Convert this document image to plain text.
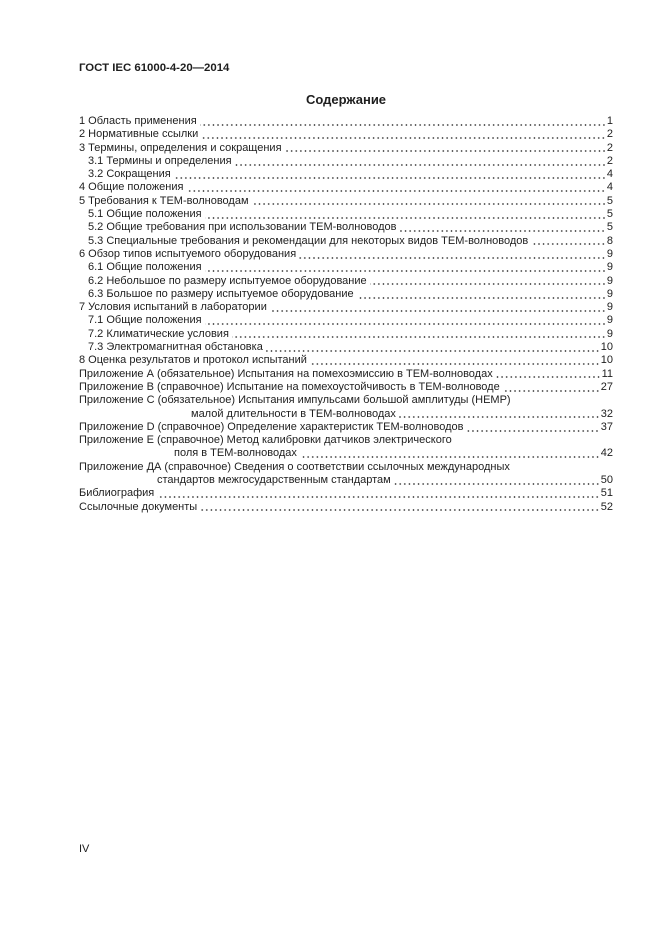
ГОСТ IEC 61000-4-20—2014
Содержание
1 Область применения	1
2 Нормативные ссылки	2
3 Термины, определения и сокращения	2
3.1 Термины и определения	2
3.2 Сокращения	4
4 Общие положения	4
5 Требования к ТЕМ-волноводам	5
5.1 Общие положения	5
5.2 Общие требования при использовании ТЕМ-волноводов	5
5.3 Специальные требования и рекомендации для некоторых видов ТЕМ-волноводов	8
6 Обзор типов испытуемого оборудования	9
6.1 Общие положения	9
6.2 Небольшое по размеру испытуемое оборудование	9
6.3 Большое по размеру испытуемое оборудование	9
7 Условия испытаний в лаборатории	9
7.1 Общие положения	9
7.2 Климатические условия	9
7.3 Электромагнитная обстановка	10
8 Оценка результатов и протокол испытаний	10
Приложение А (обязательное) Испытания на помехоэмиссию в ТЕМ-волноводах	11
Приложение В (справочное) Испытание на помехоустойчивость в ТЕМ-волноводе	27
Приложение С (обязательное) Испытания импульсами большой амплитуды (HEMP)
малой длительности в ТЕМ-волноводах	32
Приложение D (справочное) Определение характеристик ТЕМ-волноводов	37
Приложение Е (справочное) Метод калибровки датчиков электрического
поля в ТЕМ-волноводах	42
Приложение ДА (справочное) Сведения о соответствии ссылочных международных
стандартов межгосударственным стандартам	50
Библиография	51
Ссылочные документы	52
IV
